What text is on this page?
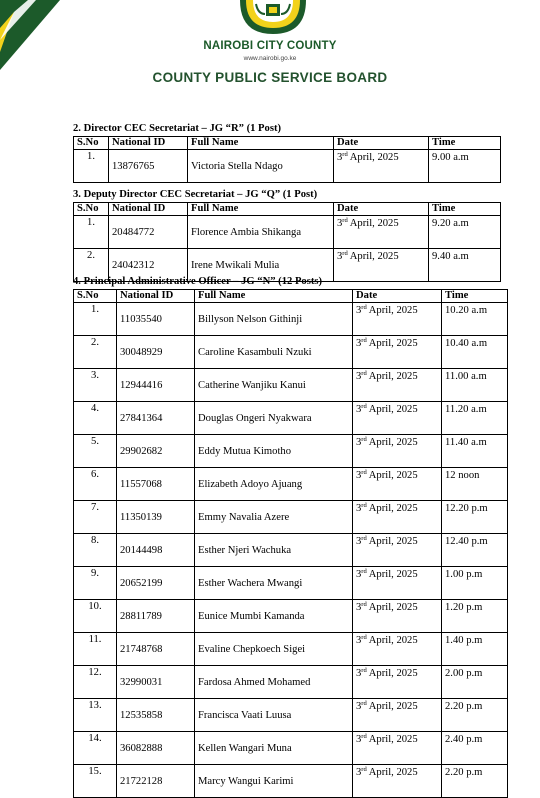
NAIROBI CITY COUNTY
www.nairobi.go.ke
COUNTY PUBLIC SERVICE BOARD
2. Director CEC Secretariat – JG “R” (1 Post)
S.No	National ID	Full Name	Date	Time
1.	13876765	Victoria Stella Ndago	3rd April, 2025	9.00 a.m
3. Deputy Director CEC Secretariat – JG “Q” (1 Post)
S.No	National ID	Full Name	Date	Time
1.	20484772	Florence Ambia Shikanga	3rd April, 2025	9.20 a.m
2.	24042312	Irene Mwikali Mulia	3rd April, 2025	9.40 a.m
4. Principal Administrative Officer – JG “N” (12 Posts)
S.No	National ID	Full Name	Date	Time
1.	11035540	Billyson Nelson Githinji	3rd April, 2025	10.20 a.m
2.	30048929	Caroline Kasambuli Nzuki	3rd April, 2025	10.40 a.m
3.	12944416	Catherine Wanjiku Kanui	3rd April, 2025	11.00 a.m
4.	27841364	Douglas Ongeri Nyakwara	3rd April, 2025	11.20 a.m
5.	29902682	Eddy Mutua Kimotho	3rd April, 2025	11.40 a.m
6.	11557068	Elizabeth Adoyo Ajuang	3rd April, 2025	12 noon
7.	11350139	Emmy Navalia Azere	3rd April, 2025	12.20 p.m
8.	20144498	Esther Njeri Wachuka	3rd April, 2025	12.40 p.m
9.	20652199	Esther Wachera Mwangi	3rd April, 2025	1.00 p.m
10.	28811789	Eunice Mumbi Kamanda	3rd April, 2025	1.20 p.m
11.	21748768	Evaline Chepkoech Sigei	3rd April, 2025	1.40 p.m
12.	32990031	Fardosa Ahmed Mohamed	3rd April, 2025	2.00 p.m
13.	12535858	Francisca Vaati Luusa	3rd April, 2025	2.20 p.m
14.	36082888	Kellen Wangari Muna	3rd April, 2025	2.40 p.m
15.	21722128	Marcy Wangui Karimi	3rd April, 2025	2.20 p.m
